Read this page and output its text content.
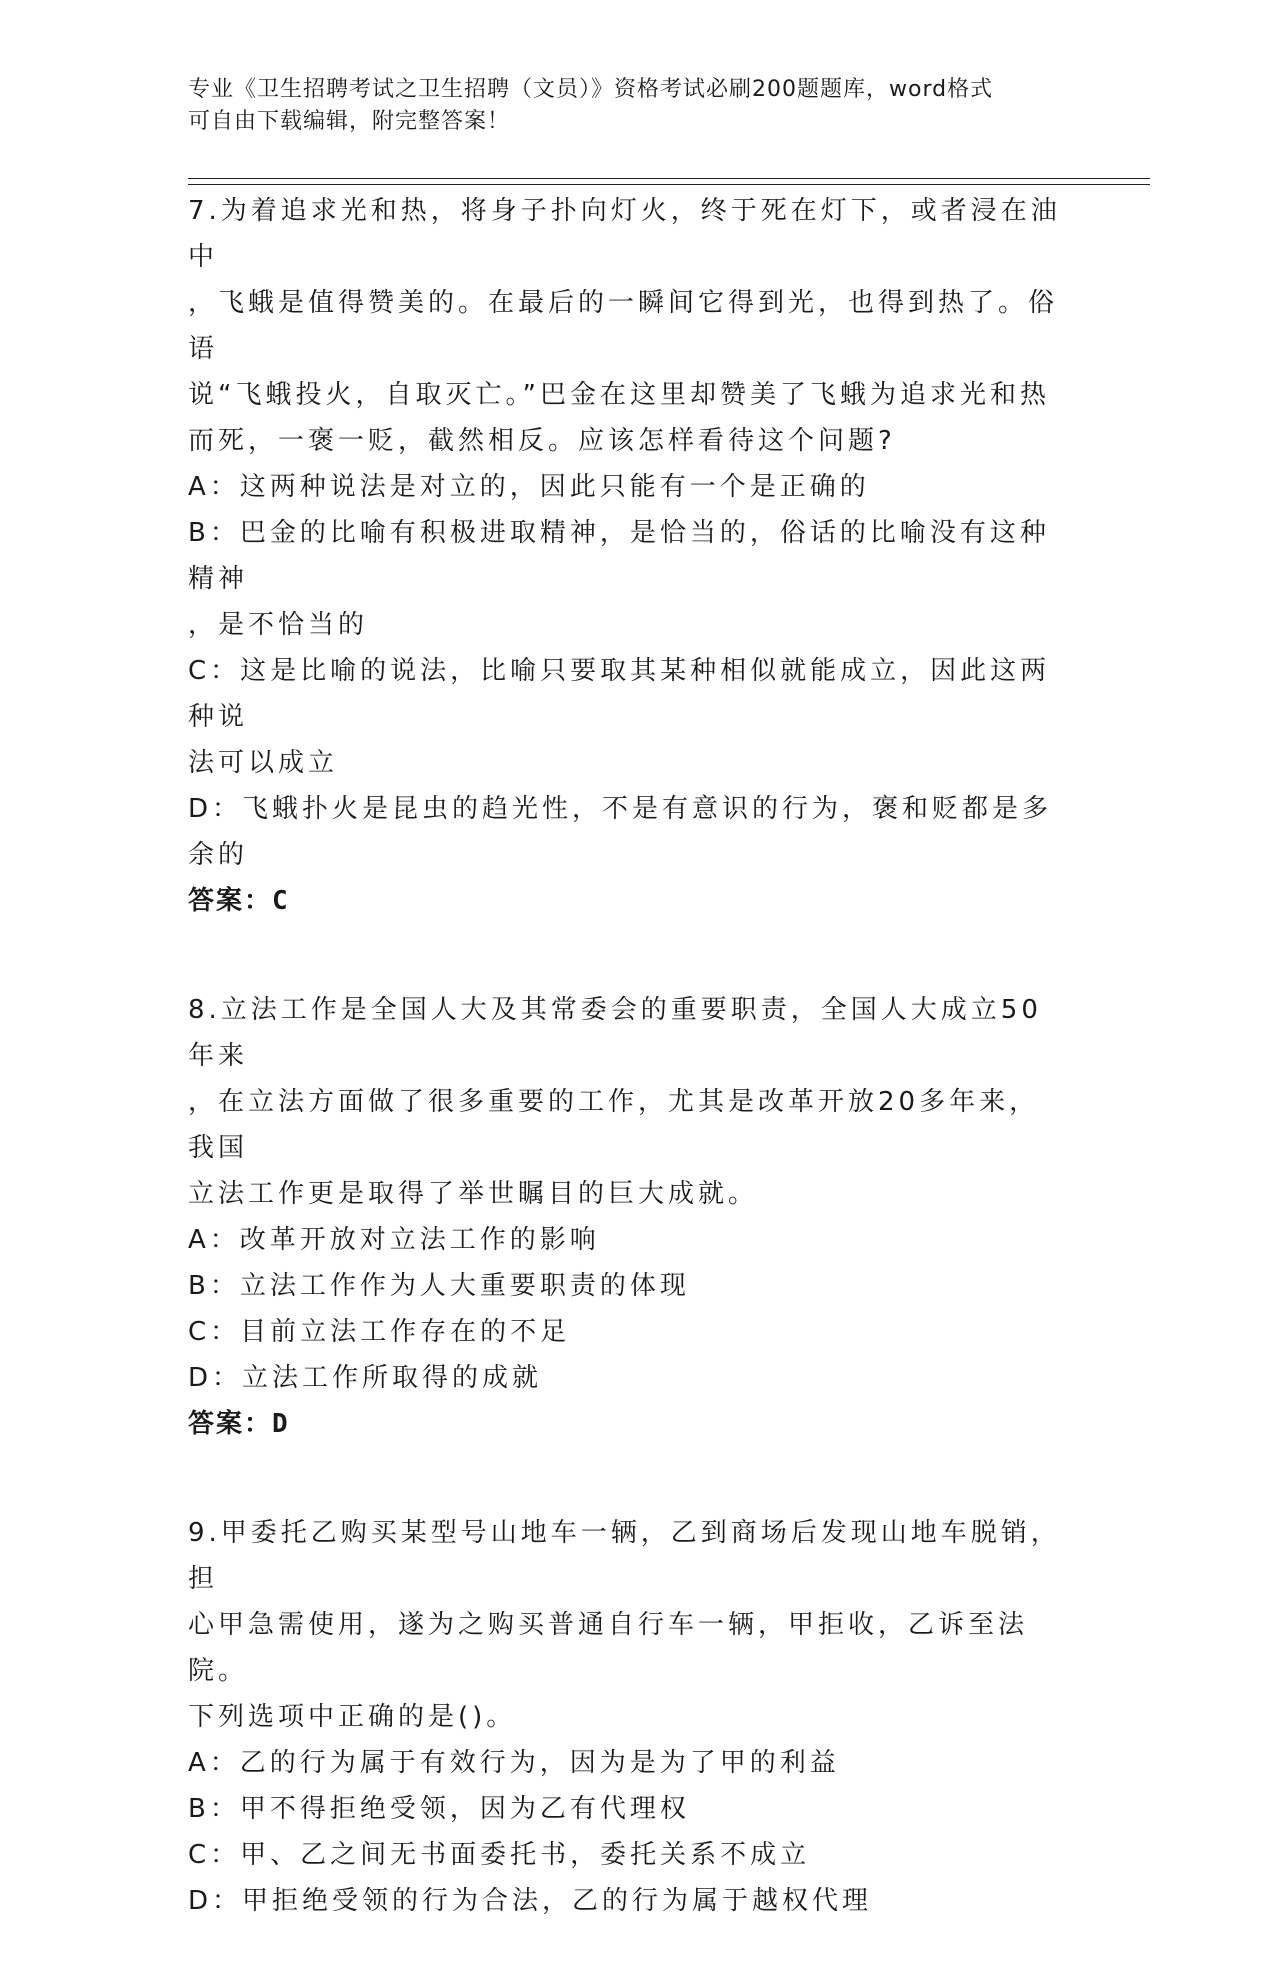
专业《卫生招聘考试之卫生招聘（文员）》资格考试必刷200题题库，word格式
可自由下载编辑，附完整答案！
7.为着追求光和热，将身子扑向灯火，终于死在灯下，或者浸在油中
，飞蛾是值得赞美的。在最后的一瞬间它得到光，也得到热了。俗语
说“飞蛾投火，自取灭亡。”巴金在这里却赞美了飞蛾为追求光和热
而死，一褒一贬，截然相反。应该怎样看待这个问题?
A：这两种说法是对立的，因此只能有一个是正确的
B：巴金的比喻有积极进取精神，是恰当的，俗话的比喻没有这种精神
，是不恰当的
C：这是比喻的说法，比喻只要取其某种相似就能成立，因此这两种说
法可以成立
D：飞蛾扑火是昆虫的趋光性，不是有意识的行为，褒和贬都是多余的
答案：C
8.立法工作是全国人大及其常委会的重要职责，全国人大成立50年来
，在立法方面做了很多重要的工作，尤其是改革开放20多年来，我国
立法工作更是取得了举世瞩目的巨大成就。
A：改革开放对立法工作的影响
B：立法工作作为人大重要职责的体现
C：目前立法工作存在的不足
D：立法工作所取得的成就
答案：D
9.甲委托乙购买某型号山地车一辆，乙到商场后发现山地车脱销，担
心甲急需使用，遂为之购买普通自行车一辆，甲拒收，乙诉至法院。
下列选项中正确的是()。
A：乙的行为属于有效行为，因为是为了甲的利益
B：甲不得拒绝受领，因为乙有代理权
C：甲、乙之间无书面委托书，委托关系不成立
D：甲拒绝受领的行为合法，乙的行为属于越权代理
